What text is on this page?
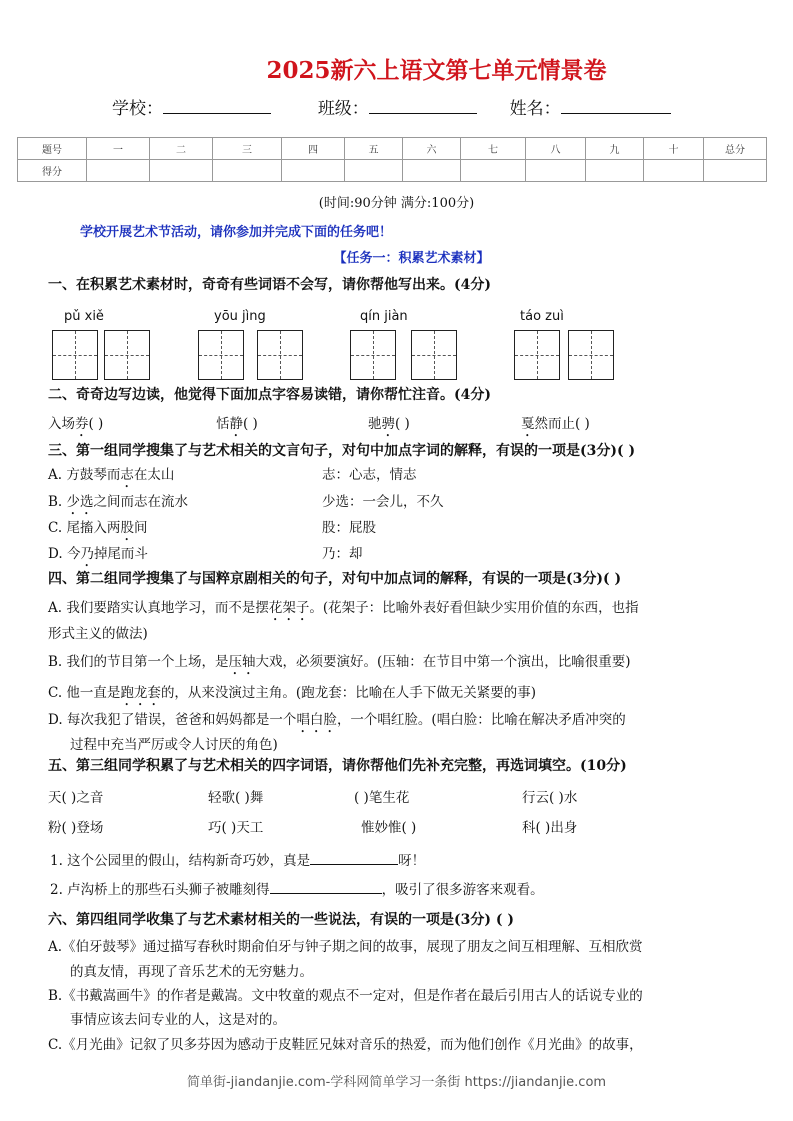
2025新六上语文第七单元情景卷
学校：	班级：	姓名：
题号	一	二	三	四	五	六	七	八	九	十	总分
得分											
(时间:90分钟 满分:100分)
学校开展艺术节活动，请你参加并完成下面的任务吧！
【任务一：积累艺术素材】
一、在积累艺术素材时，奇奇有些词语不会写，请你帮他写出来。(4分)
pǔ xiě	yōu jìng	qín jiàn	táo zuì
二、奇奇边写边读，他觉得下面加点字容易读错，请你帮忙注音。(4分)
入场券( )	恬静( )	驰骋( )	戛然而止( )
三、第一组同学搜集了与艺术相关的文言句子，对句中加点字词的解释，有误的一项是(3分)( )
A. 方鼓琴而志在太山	志：心志，情志
B. 少选之间而志在流水	少选：一会儿，不久
C. 尾搐入两股间	股：屁股
D. 今乃掉尾而斗	乃：却
四、第二组同学搜集了与国粹京剧相关的句子，对句中加点词的解释，有误的一项是(3分)( )
A. 我们要踏实认真地学习，而不是摆花架子。(花架子：比喻外表好看但缺少实用价值的东西，也指
形式主义的做法)
B. 我们的节目第一个上场，是压轴大戏，必须要演好。(压轴：在节目中第一个演出，比喻很重要)
C. 他一直是跑龙套的，从来没演过主角。(跑龙套：比喻在人手下做无关紧要的事)
D. 每次我犯了错误，爸爸和妈妈都是一个唱白脸，一个唱红脸。(唱白脸：比喻在解决矛盾冲突的
过程中充当严厉或令人讨厌的角色)
五、第三组同学积累了与艺术相关的四字词语，请你帮他们先补充完整，再选词填空。(10分)
天( )之音	轻歌( )舞	( )笔生花	行云( )水
粉( )登场	巧( )天工	惟妙惟( )	科( )出身
1. 这个公园里的假山，结构新奇巧妙，真是	呀！
2. 卢沟桥上的那些石头狮子被雕刻得	，吸引了很多游客来观看。
六、第四组同学收集了与艺术素材相关的一些说法，有误的一项是(3分) ( )
A.《伯牙鼓琴》通过描写春秋时期俞伯牙与钟子期之间的故事，展现了朋友之间互相理解、互相欣赏
的真友情，再现了音乐艺术的无穷魅力。
B.《书戴嵩画牛》的作者是戴嵩。文中牧童的观点不一定对，但是作者在最后引用古人的话说专业的
事情应该去问专业的人，这是对的。
C.《月光曲》记叙了贝多芬因为感动于皮鞋匠兄妹对音乐的热爱，而为他们创作《月光曲》的故事，
简单街-jiandanjie.com-学科网简单学习一条街 https://jiandanjie.com
